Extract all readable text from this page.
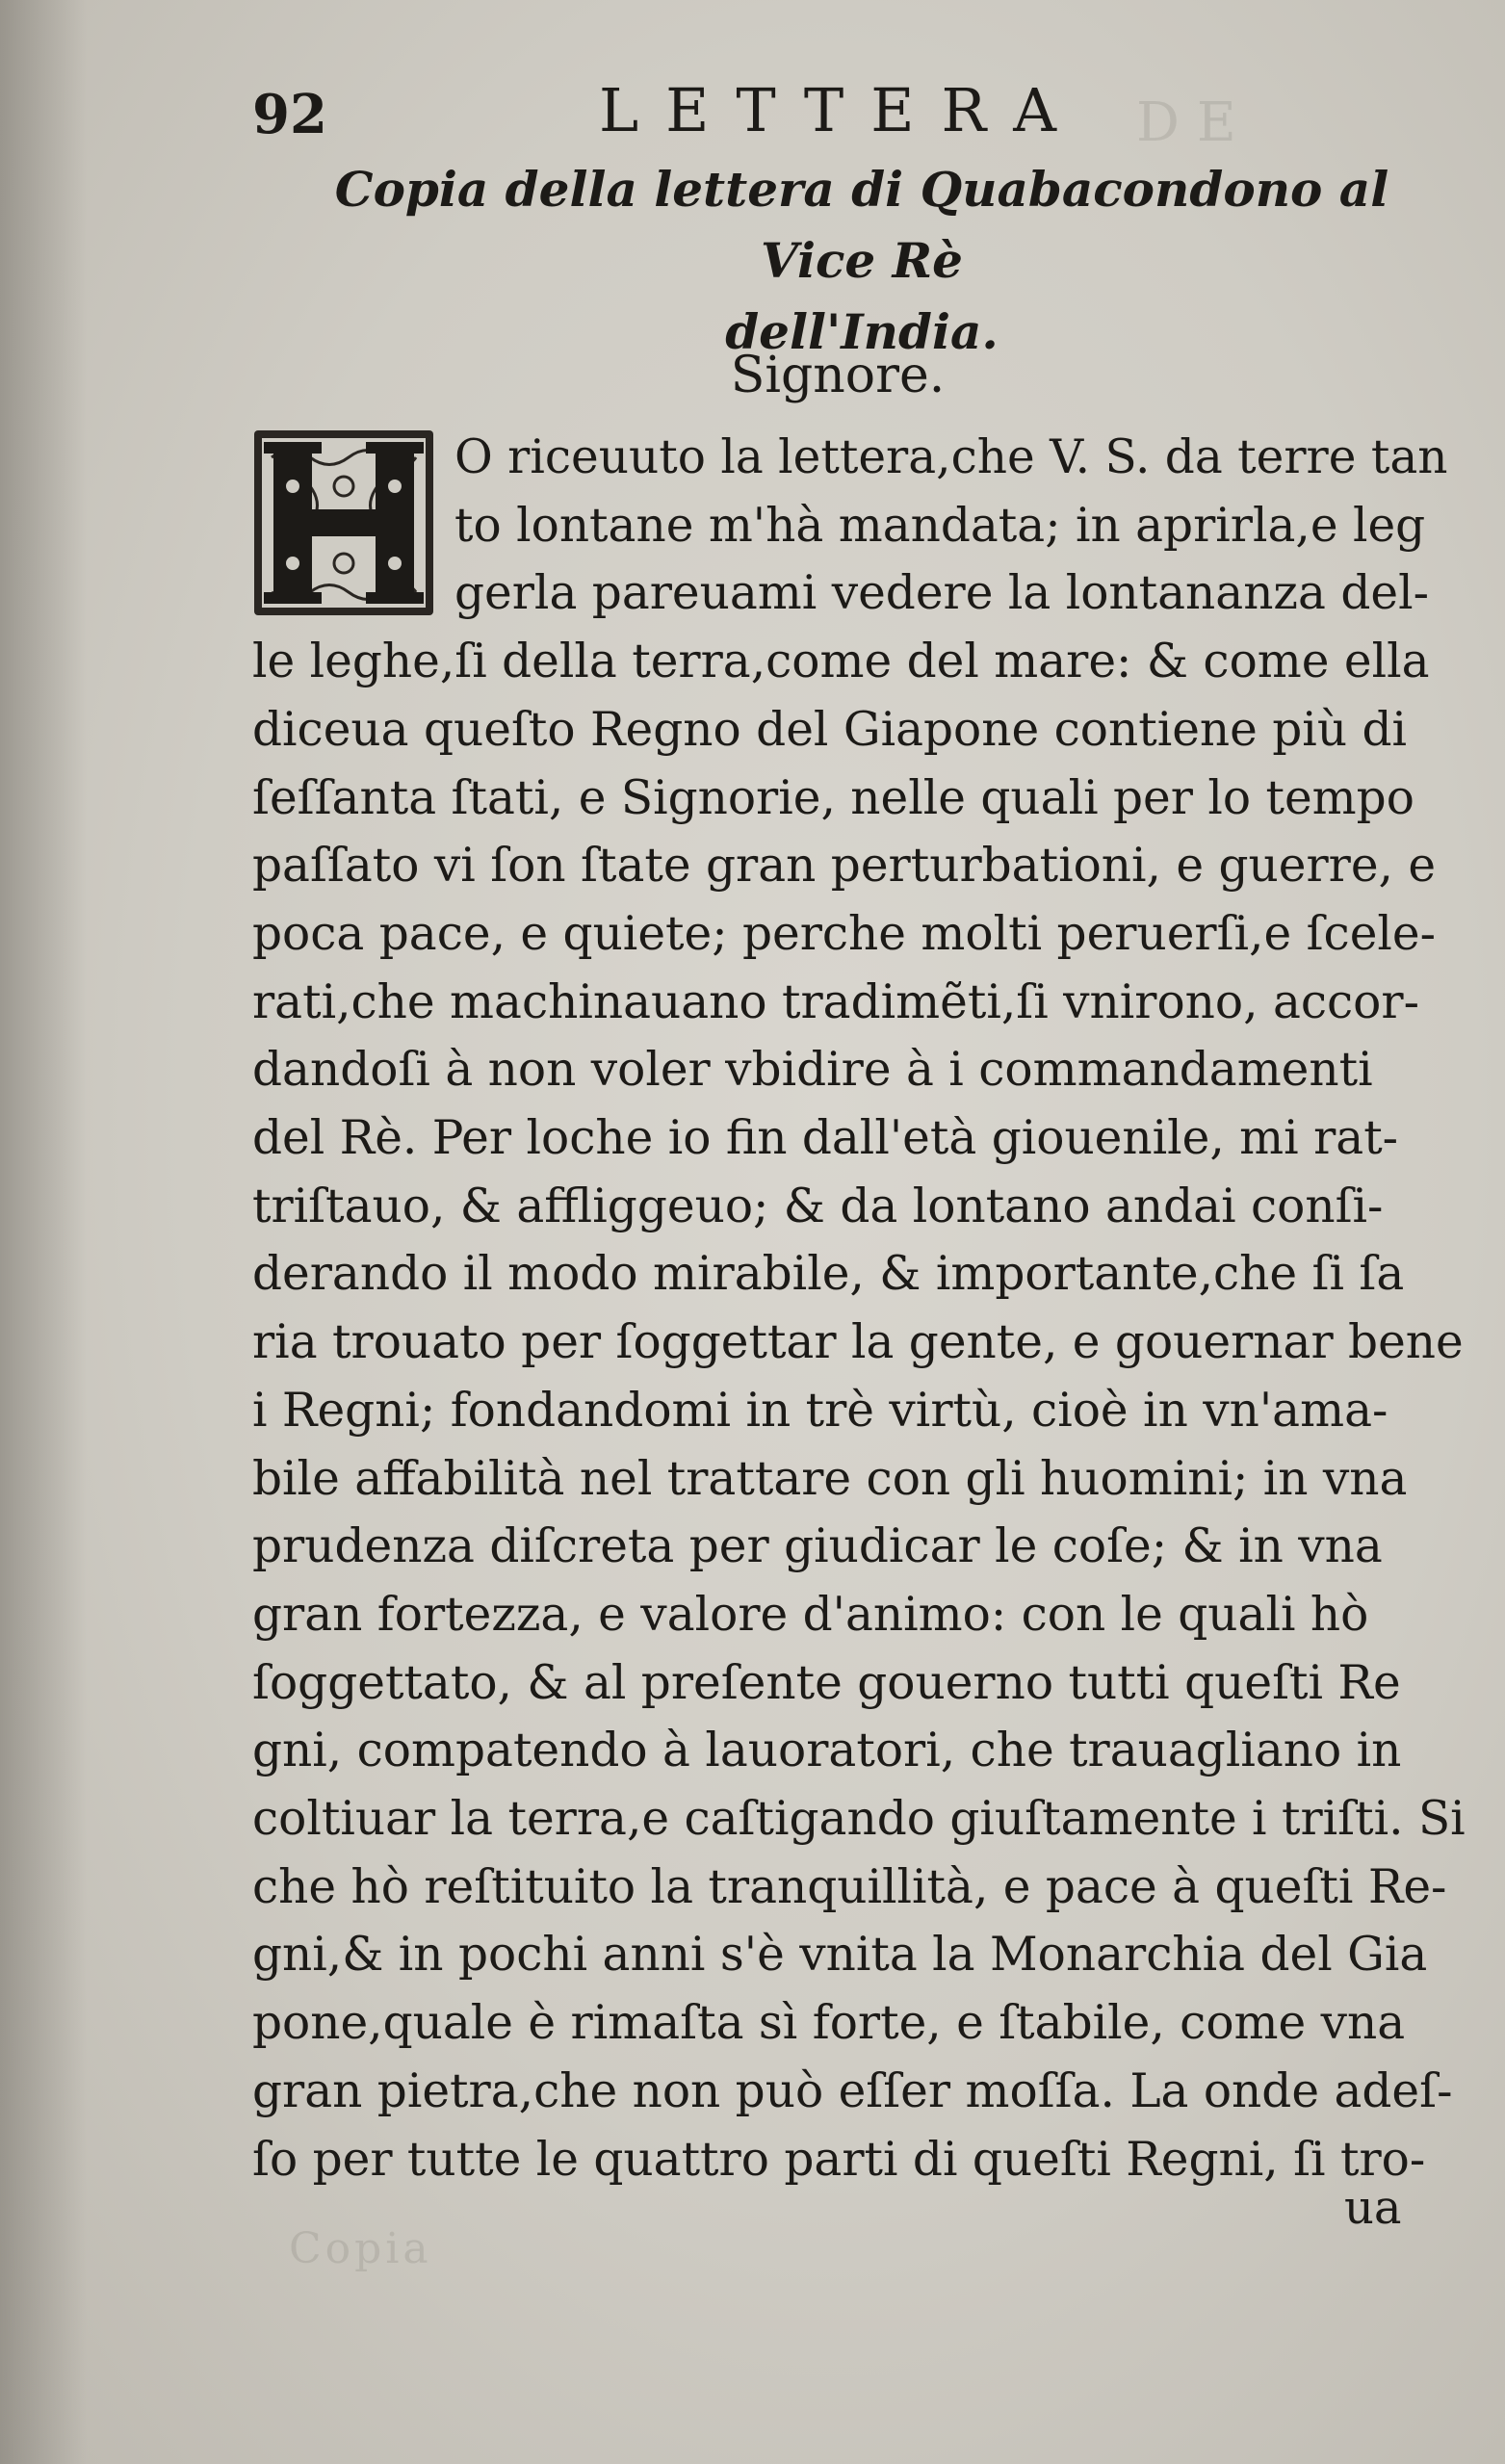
DE
Copia
92	LETTERA
Copia della lettera di Quabacondono al Vice Rè
dell'India.
Signore.
O riceuuto la lettera,che V. S. da terre tan
to lontane m'hà mandata; in aprirla,e leg
gerla pareuami vedere la lontananza del-
le leghe,ſi della terra,come del mare: & come ella
diceua queſto Regno del Giapone contiene più di
ſeſſanta ſtati, e Signorie, nelle quali per lo tempo
paſſato vi ſon ſtate gran perturbationi, e guerre, e
poca pace, e quiete; perche molti peruerſi,e ſcele-
rati,che machinauano tradimẽti,ſi vnirono, accor-
dandoſi à non voler vbidire à i commandamenti
del Rè. Per loche io fin dall'età giouenile, mi rat-
triſtauo, & affliggeuo; & da lontano andai conſi-
derando il modo mirabile, & importante,che ſi ſa
ria trouato per ſoggettar la gente, e gouernar bene
i Regni; fondandomi in trè virtù, cioè in vn'ama-
bile affabilità nel trattare con gli huomini; in vna
prudenza diſcreta per giudicar le coſe; & in vna
gran fortezza, e valore d'animo: con le quali hò
ſoggettato, & al preſente gouerno tutti queſti Re
gni, compatendo à lauoratori, che trauagliano in
coltiuar la terra,e caſtigando giuſtamente i triſti. Si
che hò reſtituito la tranquillità, e pace à queſti Re-
gni,& in pochi anni s'è vnita la Monarchia del Gia
pone,quale è rimaſta sì forte, e ſtabile, come vna
gran pietra,che non può eſſer moſſa. La onde adeſ-
ſo per tutte le quattro parti di queſti Regni, ſi tro-
ua
